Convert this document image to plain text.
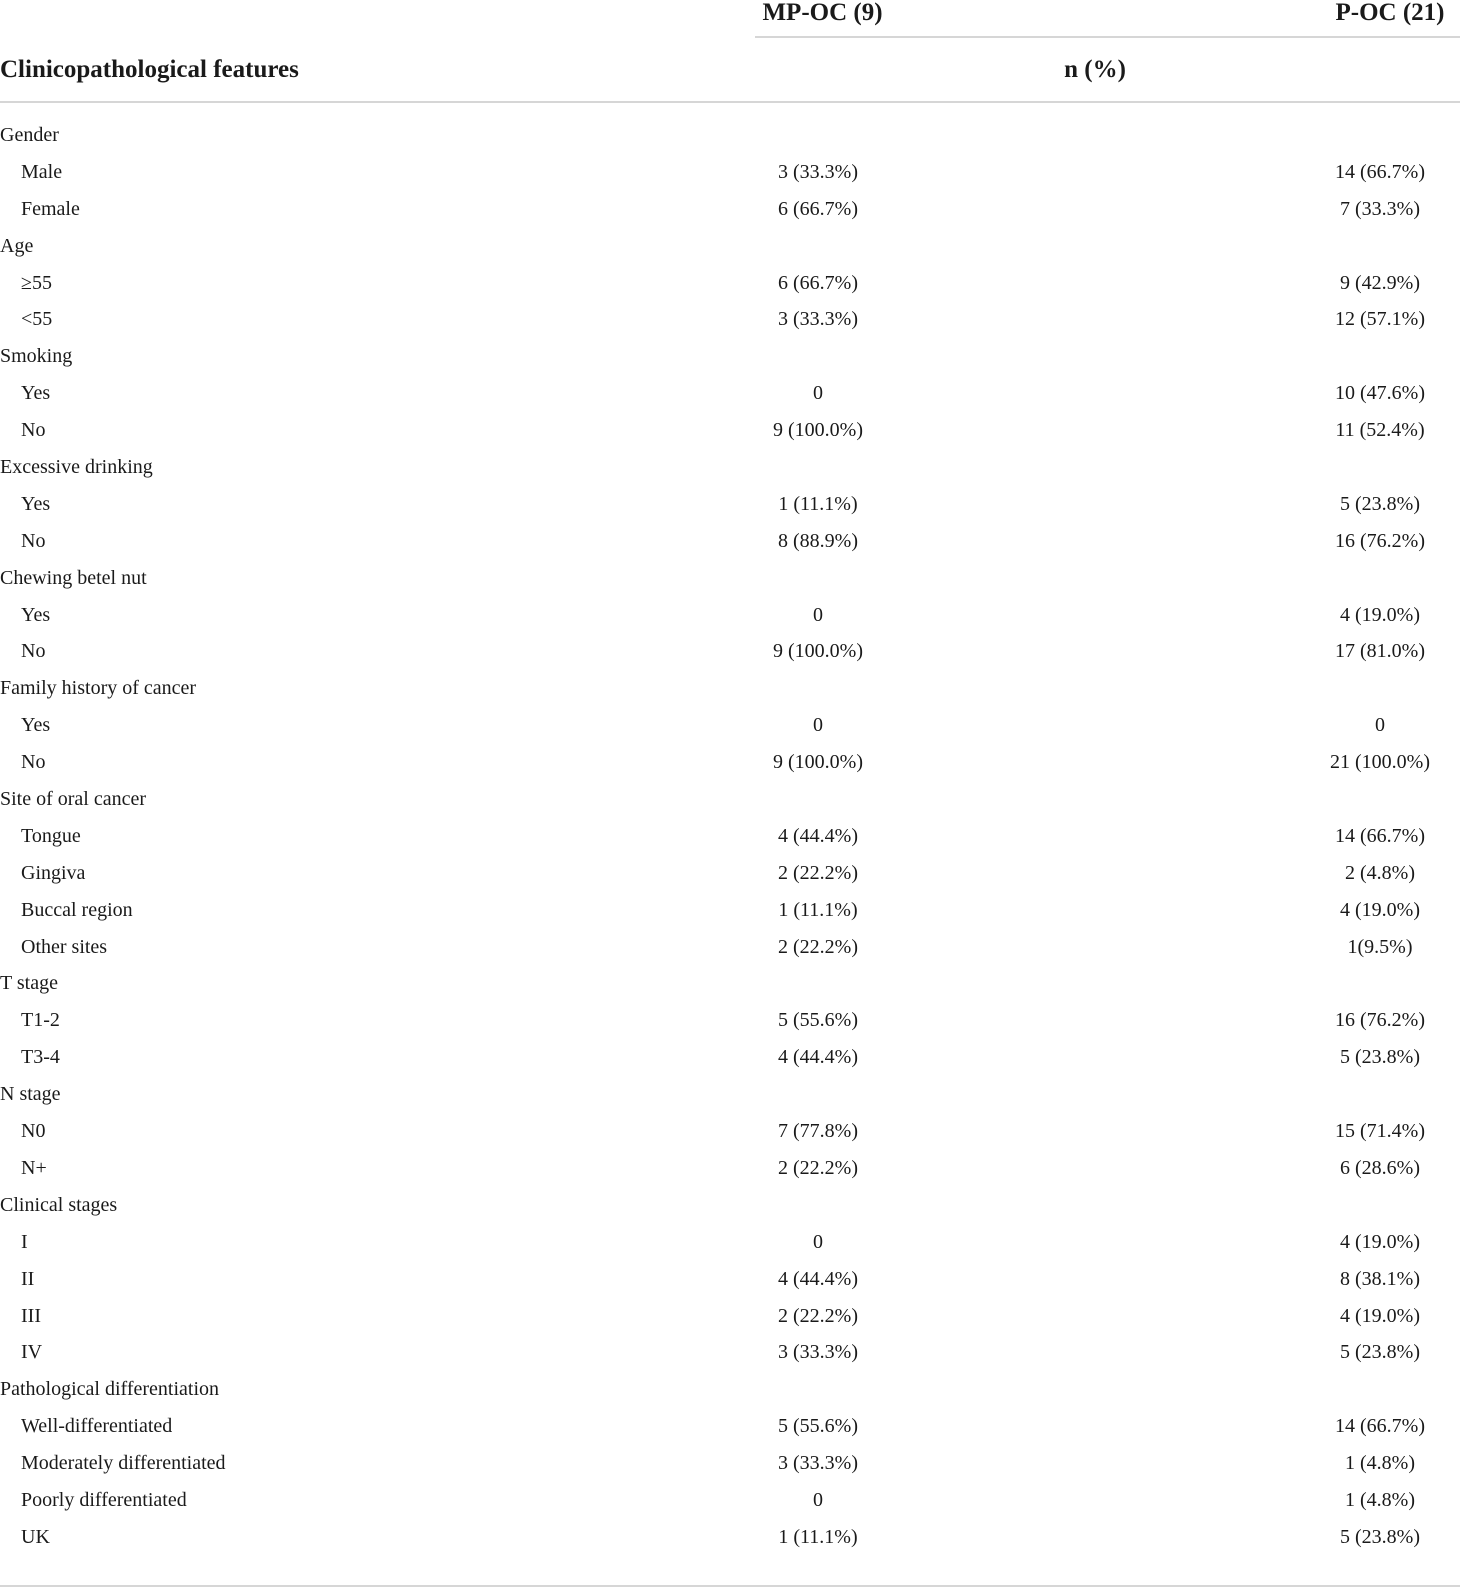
MP-OC (9)	P-OC (21)
Clinicopathological features	n (%)
Gender
Male	3 (33.3%)	14 (66.7%)
Female	6 (66.7%)	7 (33.3%)
Age
≥55	6 (66.7%)	9 (42.9%)
<55	3 (33.3%)	12 (57.1%)
Smoking
Yes	0	10 (47.6%)
No	9 (100.0%)	11 (52.4%)
Excessive drinking
Yes	1 (11.1%)	5 (23.8%)
No	8 (88.9%)	16 (76.2%)
Chewing betel nut
Yes	0	4 (19.0%)
No	9 (100.0%)	17 (81.0%)
Family history of cancer
Yes	0	0
No	9 (100.0%)	21 (100.0%)
Site of oral cancer
Tongue	4 (44.4%)	14 (66.7%)
Gingiva	2 (22.2%)	2 (4.8%)
Buccal region	1 (11.1%)	4 (19.0%)
Other sites	2 (22.2%)	1(9.5%)
T stage
T1-2	5 (55.6%)	16 (76.2%)
T3-4	4 (44.4%)	5 (23.8%)
N stage
N0	7 (77.8%)	15 (71.4%)
N+	2 (22.2%)	6 (28.6%)
Clinical stages
I	0	4 (19.0%)
II	4 (44.4%)	8 (38.1%)
III	2 (22.2%)	4 (19.0%)
IV	3 (33.3%)	5 (23.8%)
Pathological differentiation
Well-differentiated	5 (55.6%)	14 (66.7%)
Moderately differentiated	3 (33.3%)	1 (4.8%)
Poorly differentiated	0	1 (4.8%)
UK	1 (11.1%)	5 (23.8%)
